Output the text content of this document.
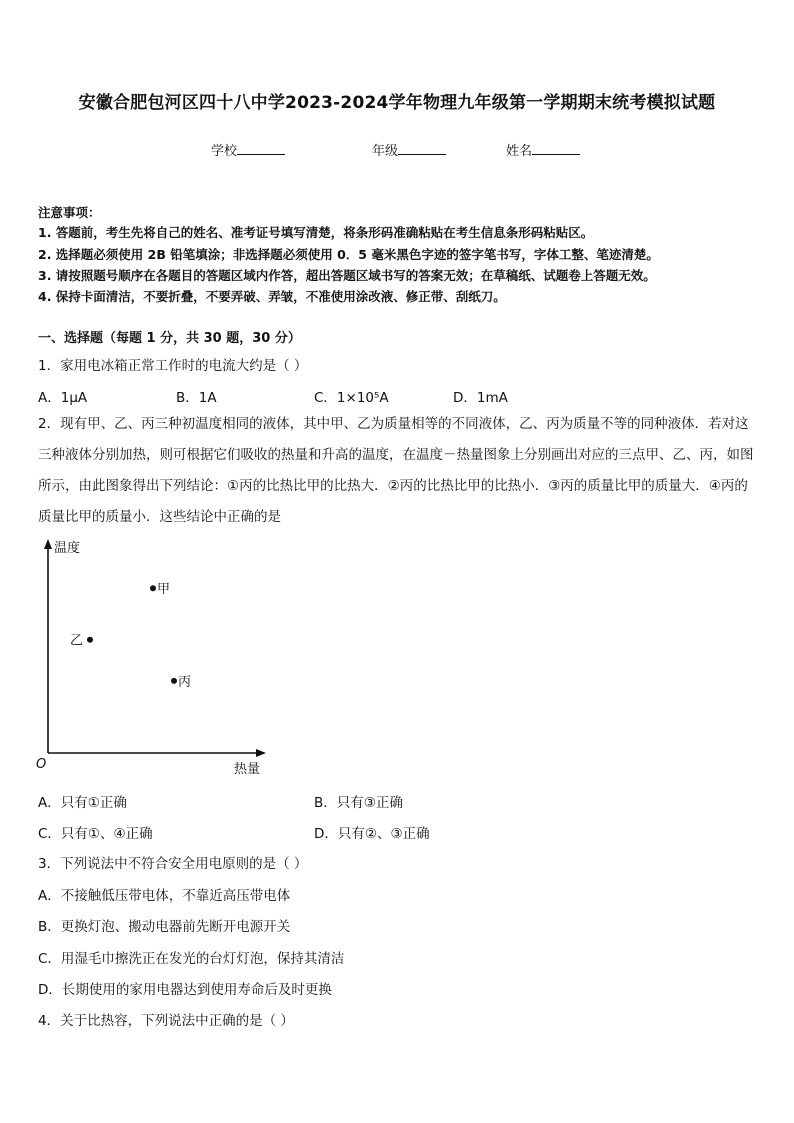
安徽合肥包河区四十八中学2023-2024学年物理九年级第一学期期末统考模拟试题
学校	年级	姓名
注意事项：
1. 答题前，考生先将自己的姓名、准考证号填写清楚，将条形码准确粘贴在考生信息条形码粘贴区。
2. 选择题必须使用 2B 铅笔填涂；非选择题必须使用 0．5 毫米黑色字迹的签字笔书写，字体工整、笔迹清楚。
3. 请按照题号顺序在各题目的答题区域内作答，超出答题区域书写的答案无效；在草稿纸、试题卷上答题无效。
4. 保持卡面清洁，不要折叠，不要弄破、弄皱，不准使用涂改液、修正带、刮纸刀。
一、选择题（每题 1 分，共 30 题，30 分）
1．家用电冰箱正常工作时的电流大约是（ ）
A．1μA	B．1A	C．1×10⁵A	D．1mA
2．现有甲、乙、丙三种初温度相同的液体，其中甲、乙为质量相等的不同液体，乙、丙为质量不等的同种液体．若对这三种液体分别加热，则可根据它们吸收的热量和升高的温度，在温度－热量图象上分别画出对应的三点甲、乙、丙，如图所示，由此图象得出下列结论：①丙的比热比甲的比热大．②丙的比热比甲的比热小．③丙的质量比甲的质量大．④丙的质量比甲的质量小．这些结论中正确的是
温度
热量
O
甲
乙
丙
A．只有①正确	B．只有③正确
C．只有①、④正确	D．只有②、③正确
3．下列说法中不符合安全用电原则的是（ ）
A．不接触低压带电体，不靠近高压带电体
B．更换灯泡、搬动电器前先断开电源开关
C．用湿毛巾擦洗正在发光的台灯灯泡，保持其清洁
D．长期使用的家用电器达到使用寿命后及时更换
4．关于比热容，下列说法中正确的是（ ）
